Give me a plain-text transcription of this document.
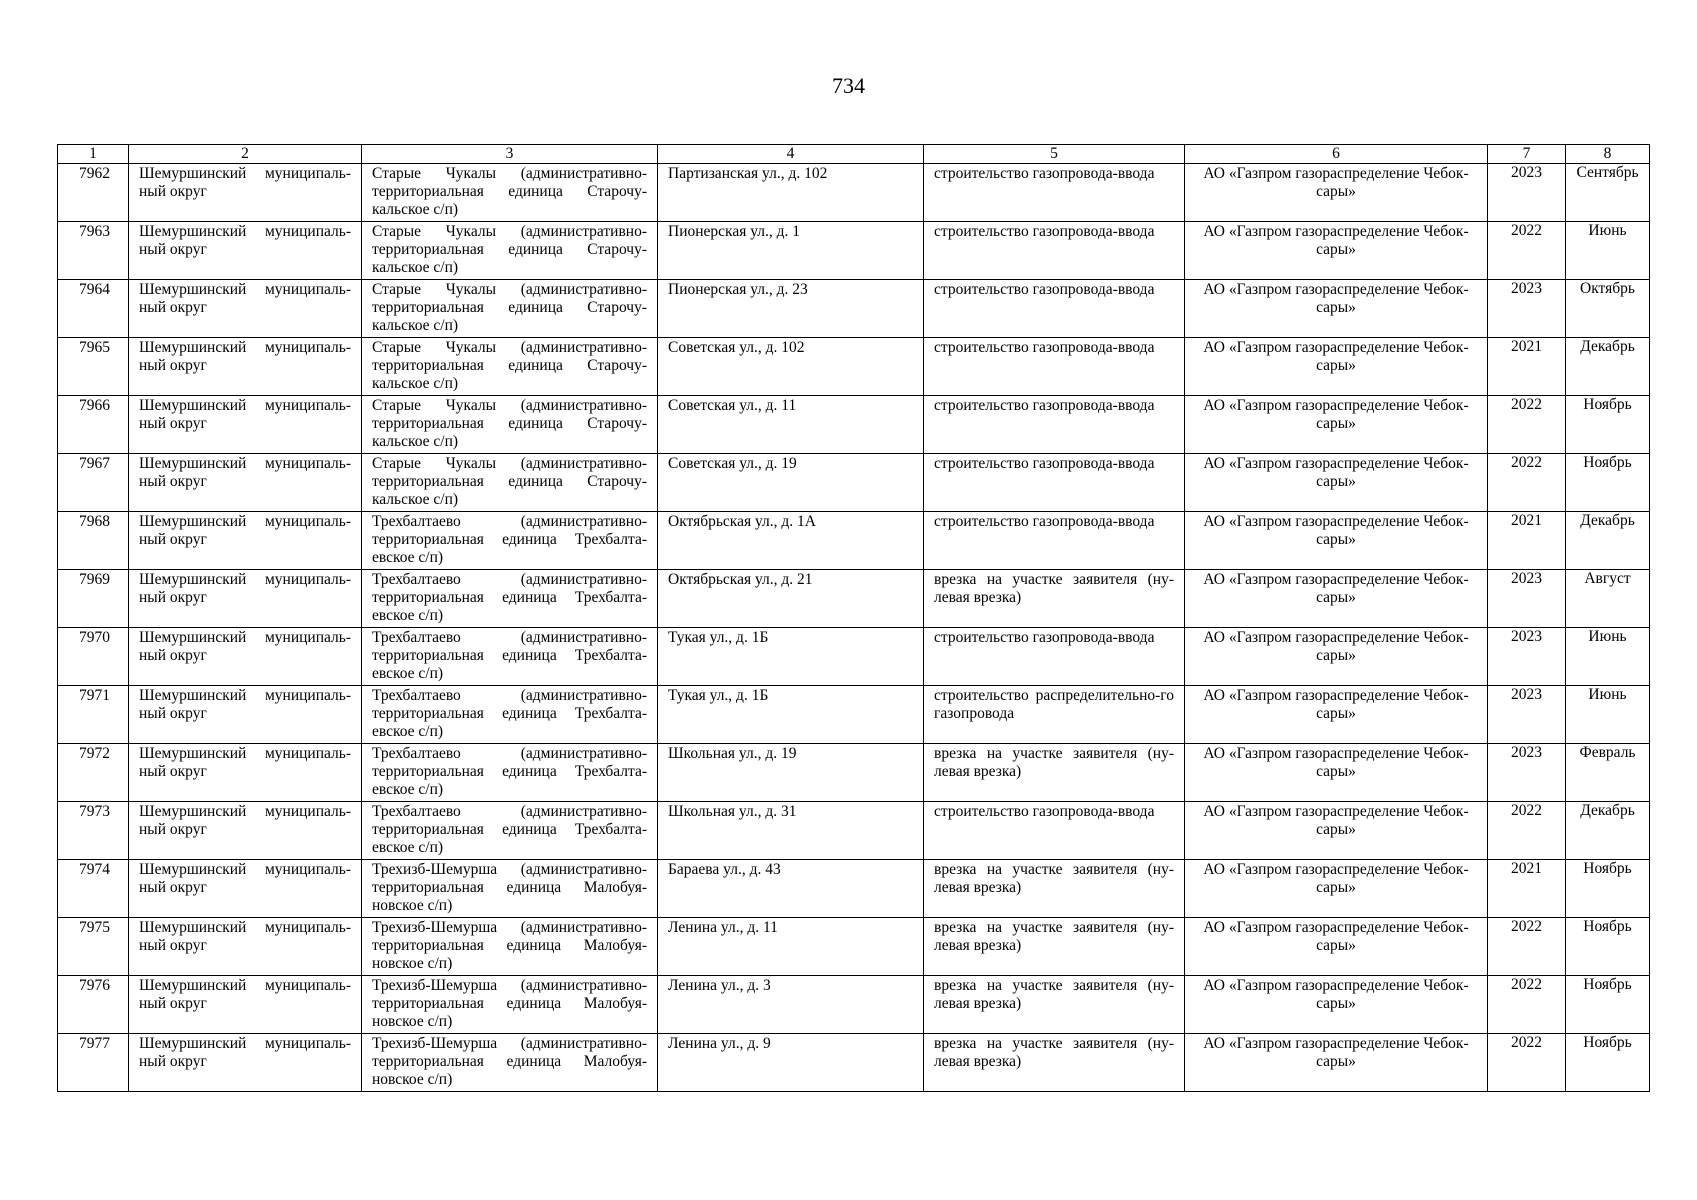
734
1	2	3	4	5	6	7	8
7962	Шемуршинский муниципаль-ный округ	Старые Чукалы (административно-территориальная единица Старочу-кальское с/п)	Партизанская ул., д. 102	строительство газопровода-ввода	АО «Газпром газораспределение Чебок-сары»	2023	Сентябрь
7963	Шемуршинский муниципаль-ный округ	Старые Чукалы (административно-территориальная единица Старочу-кальское с/п)	Пионерская ул., д. 1	строительство газопровода-ввода	АО «Газпром газораспределение Чебок-сары»	2022	Июнь
7964	Шемуршинский муниципаль-ный округ	Старые Чукалы (административно-территориальная единица Старочу-кальское с/п)	Пионерская ул., д. 23	строительство газопровода-ввода	АО «Газпром газораспределение Чебок-сары»	2023	Октябрь
7965	Шемуршинский муниципаль-ный округ	Старые Чукалы (административно-территориальная единица Старочу-кальское с/п)	Советская ул., д. 102	строительство газопровода-ввода	АО «Газпром газораспределение Чебок-сары»	2021	Декабрь
7966	Шемуршинский муниципаль-ный округ	Старые Чукалы (административно-территориальная единица Старочу-кальское с/п)	Советская ул., д. 11	строительство газопровода-ввода	АО «Газпром газораспределение Чебок-сары»	2022	Ноябрь
7967	Шемуршинский муниципаль-ный округ	Старые Чукалы (административно-территориальная единица Старочу-кальское с/п)	Советская ул., д. 19	строительство газопровода-ввода	АО «Газпром газораспределение Чебок-сары»	2022	Ноябрь
7968	Шемуршинский муниципаль-ный округ	Трехбалтаево (административно-территориальная единица Трехбалта-евское с/п)	Октябрьская ул., д. 1А	строительство газопровода-ввода	АО «Газпром газораспределение Чебок-сары»	2021	Декабрь
7969	Шемуршинский муниципаль-ный округ	Трехбалтаево (административно-территориальная единица Трехбалта-евское с/п)	Октябрьская ул., д. 21	врезка на участке заявителя (ну-левая врезка)	АО «Газпром газораспределение Чебок-сары»	2023	Август
7970	Шемуршинский муниципаль-ный округ	Трехбалтаево (административно-территориальная единица Трехбалта-евское с/п)	Тукая ул., д. 1Б	строительство газопровода-ввода	АО «Газпром газораспределение Чебок-сары»	2023	Июнь
7971	Шемуршинский муниципаль-ный округ	Трехбалтаево (административно-территориальная единица Трехбалта-евское с/п)	Тукая ул., д. 1Б	строительство распределительно-го газопровода	АО «Газпром газораспределение Чебок-сары»	2023	Июнь
7972	Шемуршинский муниципаль-ный округ	Трехбалтаево (административно-территориальная единица Трехбалта-евское с/п)	Школьная ул., д. 19	врезка на участке заявителя (ну-левая врезка)	АО «Газпром газораспределение Чебок-сары»	2023	Февраль
7973	Шемуршинский муниципаль-ный округ	Трехбалтаево (административно-территориальная единица Трехбалта-евское с/п)	Школьная ул., д. 31	строительство газопровода-ввода	АО «Газпром газораспределение Чебок-сары»	2022	Декабрь
7974	Шемуршинский муниципаль-ный округ	Трехизб-Шемурша (административно-территориальная единица Малобуя-новское с/п)	Бараева ул., д. 43	врезка на участке заявителя (ну-левая врезка)	АО «Газпром газораспределение Чебок-сары»	2021	Ноябрь
7975	Шемуршинский муниципаль-ный округ	Трехизб-Шемурша (административно-территориальная единица Малобуя-новское с/п)	Ленина ул., д. 11	врезка на участке заявителя (ну-левая врезка)	АО «Газпром газораспределение Чебок-сары»	2022	Ноябрь
7976	Шемуршинский муниципаль-ный округ	Трехизб-Шемурша (административно-территориальная единица Малобуя-новское с/п)	Ленина ул., д. 3	врезка на участке заявителя (ну-левая врезка)	АО «Газпром газораспределение Чебок-сары»	2022	Ноябрь
7977	Шемуршинский муниципаль-ный округ	Трехизб-Шемурша (административно-территориальная единица Малобуя-новское с/п)	Ленина ул., д. 9	врезка на участке заявителя (ну-левая врезка)	АО «Газпром газораспределение Чебок-сары»	2022	Ноябрь
